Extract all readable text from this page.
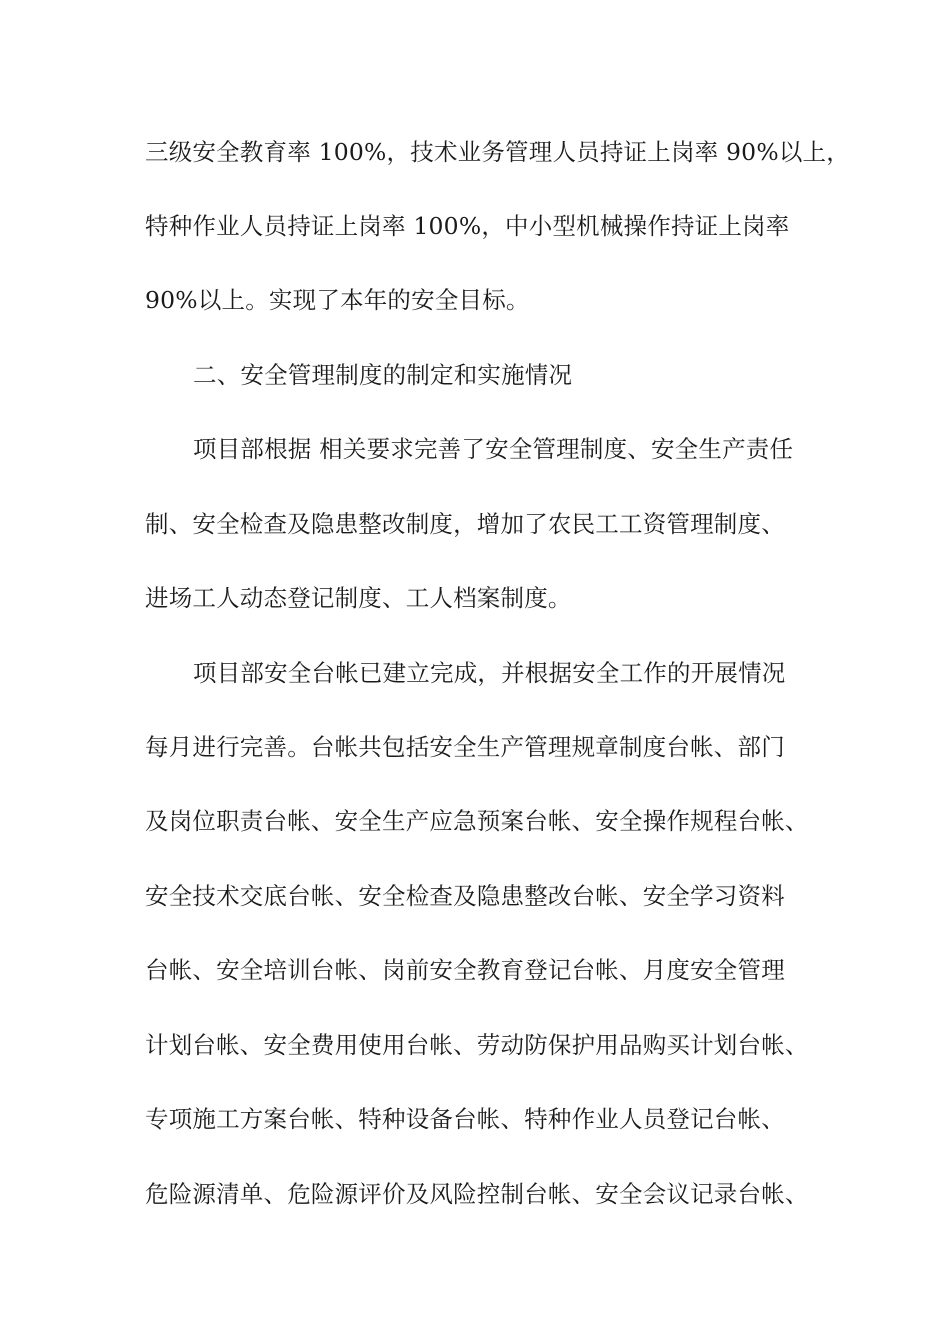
三级安全教育率 100%，技术业务管理人员持证上岗率 90%以上，
特种作业人员持证上岗率 100%，中小型机械操作持证上岗率
90%以上。实现了本年的安全目标。
二、安全管理制度的制定和实施情况
项目部根据 相关要求完善了安全管理制度、安全生产责任
制、安全检查及隐患整改制度，增加了农民工工资管理制度、
进场工人动态登记制度、工人档案制度。
项目部安全台帐已建立完成，并根据安全工作的开展情况
每月进行完善。台帐共包括安全生产管理规章制度台帐、部门
及岗位职责台帐、安全生产应急预案台帐、安全操作规程台帐、
安全技术交底台帐、安全检查及隐患整改台帐、安全学习资料
台帐、安全培训台帐、岗前安全教育登记台帐、月度安全管理
计划台帐、安全费用使用台帐、劳动防保护用品购买计划台帐、
专项施工方案台帐、特种设备台帐、特种作业人员登记台帐、
危险源清单、危险源评价及风险控制台帐、安全会议记录台帐、
